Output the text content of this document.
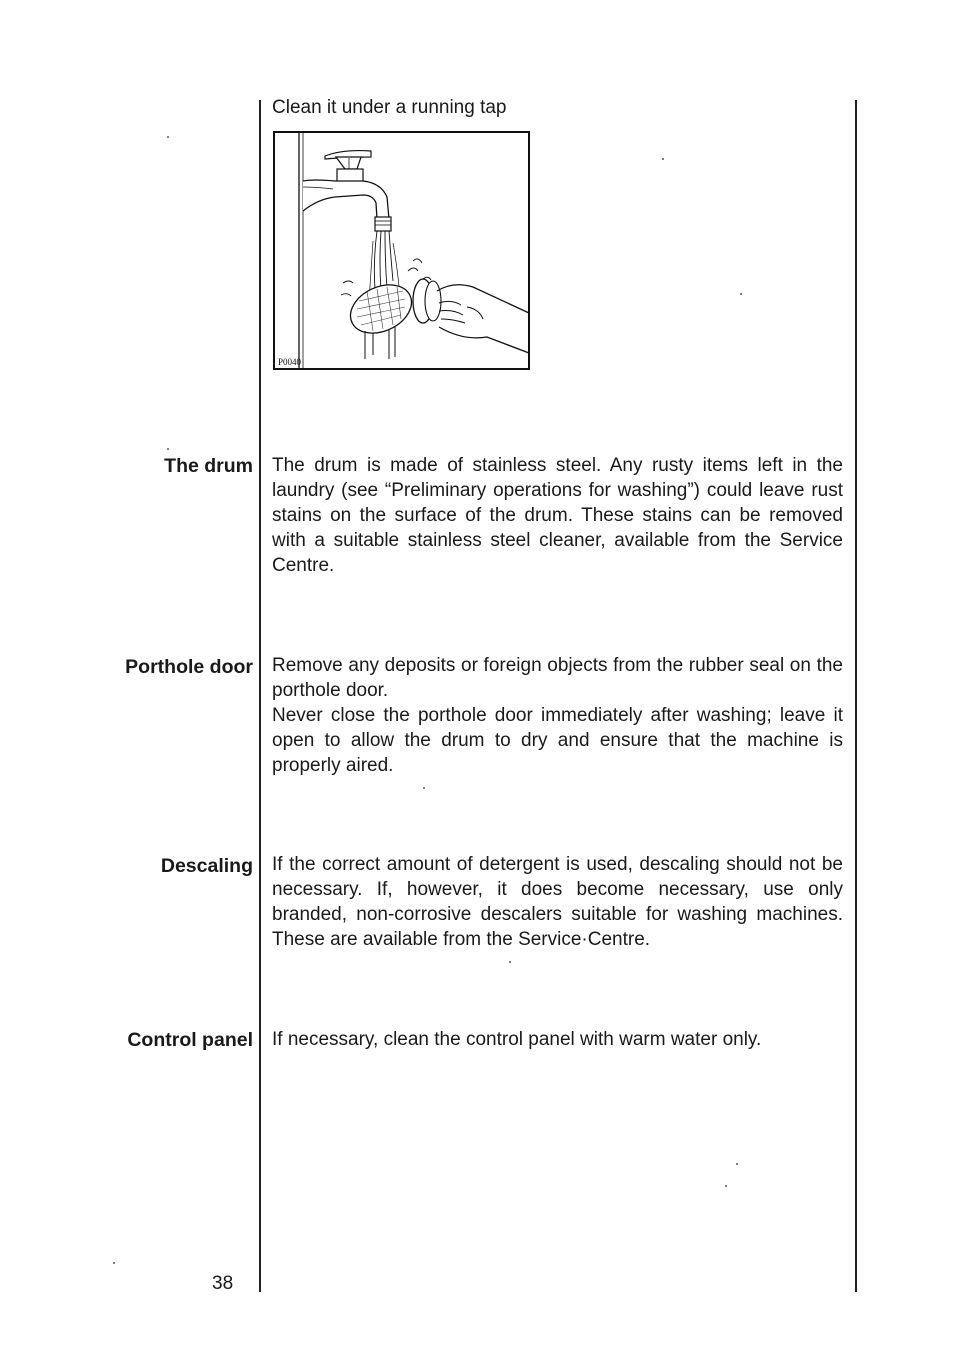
Clean it under a running tap
P0040
The drum The drum is made of stainless steel. Any rusty items left in the laundry (see “Preliminary operations for washing”) could leave rust stains on the surface of the drum. These stains can be removed with a suitable stainless steel cleaner, available from the Service Centre.

Porthole door Remove any deposits or foreign objects from the rubber seal on the porthole door.

Never close the porthole door immediately after washing; leave it open to allow the drum to dry and ensure that the machine is properly aired.

Descaling If the correct amount of detergent is used, descaling should not be necessary. If, however, it does become necessary, use only branded, non-corrosive descalers suitable for washing machines. These are available from the Service·Centre.

Control panel If necessary, clean the control panel with warm water only.

38
